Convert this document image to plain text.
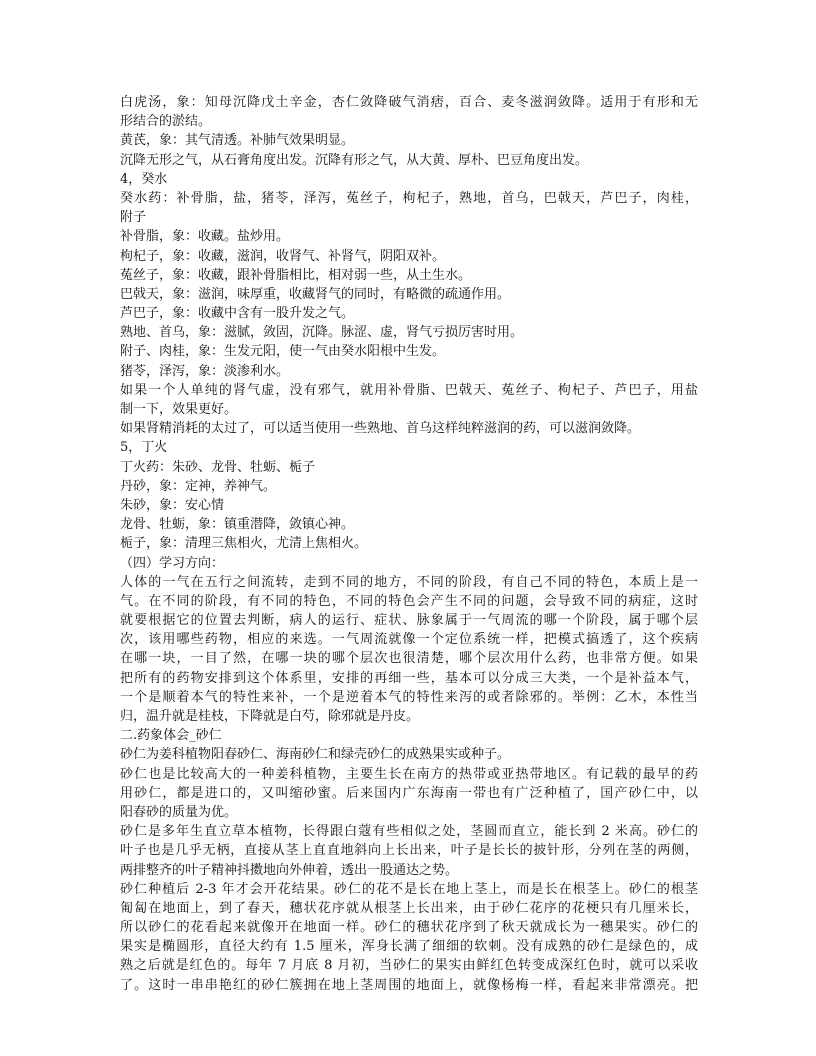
白虎汤，象：知母沉降戊土辛金，杏仁敛降破气消痞，百合、麦冬滋润敛降。适用于有形和无
形结合的淤结。
黄芪，象：其气清透。补肺气效果明显。
沉降无形之气，从石膏角度出发。沉降有形之气，从大黄、厚朴、巴豆角度出发。
4，癸水
癸水药：补骨脂，盐，猪苓，泽泻，菟丝子，枸杞子，熟地，首乌，巴戟天，芦巴子，肉桂，
附子
补骨脂，象：收藏。盐炒用。
枸杞子，象：收藏，滋润，收肾气、补肾气，阴阳双补。
菟丝子，象：收藏，跟补骨脂相比，相对弱一些，从土生水。
巴戟天，象：滋润，味厚重，收藏肾气的同时，有略微的疏通作用。
芦巴子，象：收藏中含有一股升发之气。
熟地、首乌，象：滋腻，敛固，沉降。脉涩、虚，肾气亏损厉害时用。
附子、肉桂，象：生发元阳，使一气由癸水阳根中生发。
猪苓，泽泻，象：淡渗利水。
如果一个人单纯的肾气虚，没有邪气，就用补骨脂、巴戟天、菟丝子、枸杞子、芦巴子，用盐
制一下，效果更好。
如果肾精消耗的太过了，可以适当使用一些熟地、首乌这样纯粹滋润的药，可以滋润敛降。
5，丁火
丁火药：朱砂、龙骨、牡蛎、栀子
丹砂，象：定神，养神气。
朱砂，象：安心情
龙骨、牡蛎，象：镇重潜降，敛镇心神。
栀子，象：清理三焦相火，尤清上焦相火。
（四）学习方向：
人体的一气在五行之间流转，走到不同的地方，不同的阶段，有自己不同的特色，本质上是一
气。在不同的阶段，有不同的特色，不同的特色会产生不同的问题，会导致不同的病症，这时
就要根据它的位置去判断，病人的运行、症状、脉象属于一气周流的哪一个阶段，属于哪个层
次，该用哪些药物，相应的来选。一气周流就像一个定位系统一样，把模式搞透了，这个疾病
在哪一块，一目了然，在哪一块的哪个层次也很清楚，哪个层次用什么药，也非常方便。如果
把所有的药物安排到这个体系里，安排的再细一些，基本可以分成三大类，一个是补益本气，
一个是顺着本气的特性来补，一个是逆着本气的特性来泻的或者除邪的。举例：乙木，本性当
归，温升就是桂枝，下降就是白芍，除邪就是丹皮。
二.药象体会_砂仁
砂仁为姜科植物阳春砂仁、海南砂仁和绿壳砂仁的成熟果实或种子。
砂仁也是比较高大的一种姜科植物，主要生长在南方的热带或亚热带地区。有记载的最早的药
用砂仁，都是进口的，又叫缩砂蜜。后来国内广东海南一带也有广泛种植了，国产砂仁中，以
阳春砂的质量为优。
砂仁是多年生直立草本植物，长得跟白蔻有些相似之处，茎圆而直立，能长到 2 米高。砂仁的
叶子也是几乎无柄，直接从茎上直直地斜向上长出来，叶子是长长的披针形，分列在茎的两侧，
两排整齐的叶子精神抖擞地向外伸着，透出一股通达之势。
砂仁种植后 2-3 年才会开花结果。砂仁的花不是长在地上茎上，而是长在根茎上。砂仁的根茎
匍匐在地面上，到了春天，穗状花序就从根茎上长出来，由于砂仁花序的花梗只有几厘米长，
所以砂仁的花看起来就像开在地面一样。砂仁的穗状花序到了秋天就成长为一穗果实。砂仁的
果实是椭圆形，直径大约有 1.5 厘米，浑身长满了细细的软刺。没有成熟的砂仁是绿色的，成
熟之后就是红色的。每年 7 月底 8 月初，当砂仁的果实由鲜红色转变成深红色时，就可以采收
了。这时一串串艳红的砂仁簇拥在地上茎周围的地面上，就像杨梅一样，看起来非常漂亮。把
